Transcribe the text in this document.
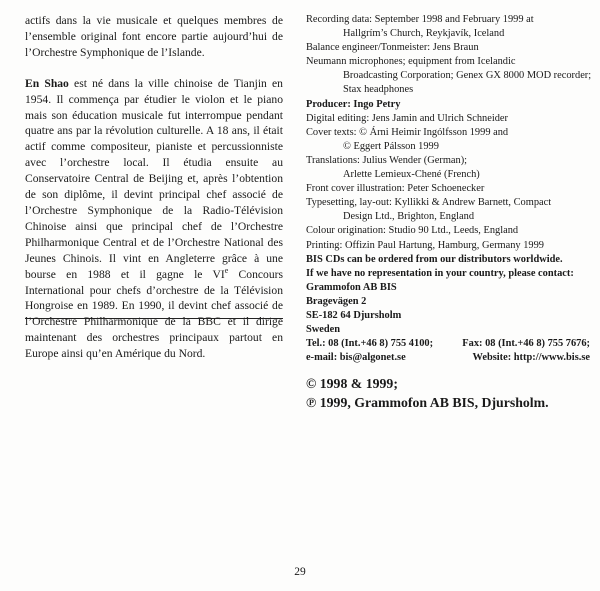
actifs dans la vie musicale et quelques membres de l’ensemble original font encore partie aujourd’hui de l’Orchestre Symphonique de l’Islande.

En Shao est né dans la ville chinoise de Tianjin en 1954. Il commença par étudier le violon et le piano mais son éducation musicale fut interrompue pendant quatre ans par la révolution culturelle. A 18 ans, il était actif comme compositeur, pianiste et percussionniste avec l’orchestre local. Il étudia ensuite au Conservatoire Central de Beijing et, après l’obtention de son diplôme, il devint principal chef associé de l’Orchestre Symphonique de la Radio-Télévision Chinoise ainsi que principal chef de l’Orchestre Philharmonique Central et de l’Orchestre National des Jeunes Chinois. Il vint en Angleterre grâce à une bourse en 1988 et il gagne le VIe Concours International pour chefs d’orchestre de la Télévision Hongroise en 1989. En 1990, il devint chef associé de l’Orchestre Philharmonique de la BBC et il dirige maintenant des orchestres principaux partout en Europe ainsi qu’en Amérique du Nord.

Recording data: September 1998 and February 1999 at
Hallgrím’s Church, Reykjavík, Iceland
Balance engineer/Tonmeister: Jens Braun
Neumann microphones; equipment from Icelandic
Broadcasting Corporation; Genex GX 8000 MOD recorder;
Stax headphones
Producer: Ingo Petry
Digital editing: Jens Jamin and Ulrich Schneider
Cover texts: © Árni Heimir Ingólfsson 1999 and
© Eggert Pálsson 1999
Translations: Julius Wender (German);
Arlette Lemieux-Chené (French)
Front cover illustration: Peter Schoenecker
Typesetting, lay-out: Kyllikki & Andrew Barnett, Compact
Design Ltd., Brighton, England
Colour origination: Studio 90 Ltd., Leeds, England
Printing: Offizin Paul Hartung, Hamburg, Germany 1999
BIS CDs can be ordered from our distributors worldwide.
If we have no representation in your country, please contact:
Grammofon AB BIS
Bragevägen 2
SE-182 64 Djursholm
Sweden
Tel.: 08 (Int.+46 8) 755 4100;	Fax: 08 (Int.+46 8) 755 7676;
e-mail: bis@algonet.se	Website: http://www.bis.se
© 1998 & 1999;
℗ 1999, Grammofon AB BIS, Djursholm.
29
